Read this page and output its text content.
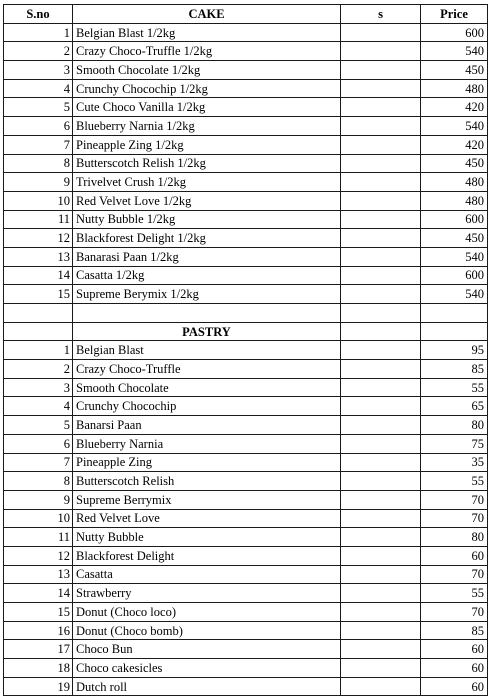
S.no	CAKE	s	Price
1	Belgian Blast 1/2kg		600
2	Crazy Choco-Truffle 1/2kg		540
3	Smooth Chocolate 1/2kg		450
4	Crunchy Chocochip 1/2kg		480
5	Cute Choco Vanilla 1/2kg		420
6	Blueberry Narnia 1/2kg		540
7	Pineapple Zing 1/2kg		420
8	Butterscotch Relish 1/2kg		450
9	Trivelvet Crush 1/2kg		480
10	Red Velvet Love 1/2kg		480
11	Nutty Bubble 1/2kg		600
12	Blackforest Delight 1/2kg		450
13	Banarasi Paan 1/2kg		540
14	Casatta 1/2kg		600
15	Supreme Berymix 1/2kg		540

	PASTRY		
1	Belgian Blast		95
2	Crazy Choco-Truffle		85
3	Smooth Chocolate		55
4	Crunchy Chocochip		65
5	Banarsi Paan		80
6	Blueberry Narnia		75
7	Pineapple Zing		35
8	Butterscotch Relish		55
9	Supreme Berrymix		70
10	Red Velvet Love		70
11	Nutty Bubble		80
12	Blackforest Delight		60
13	Casatta		70
14	Strawberry		55
15	Donut (Choco loco)		70
16	Donut (Choco bomb)		85
17	Choco Bun		60
18	Choco cakesicles		60
19	Dutch roll		60
